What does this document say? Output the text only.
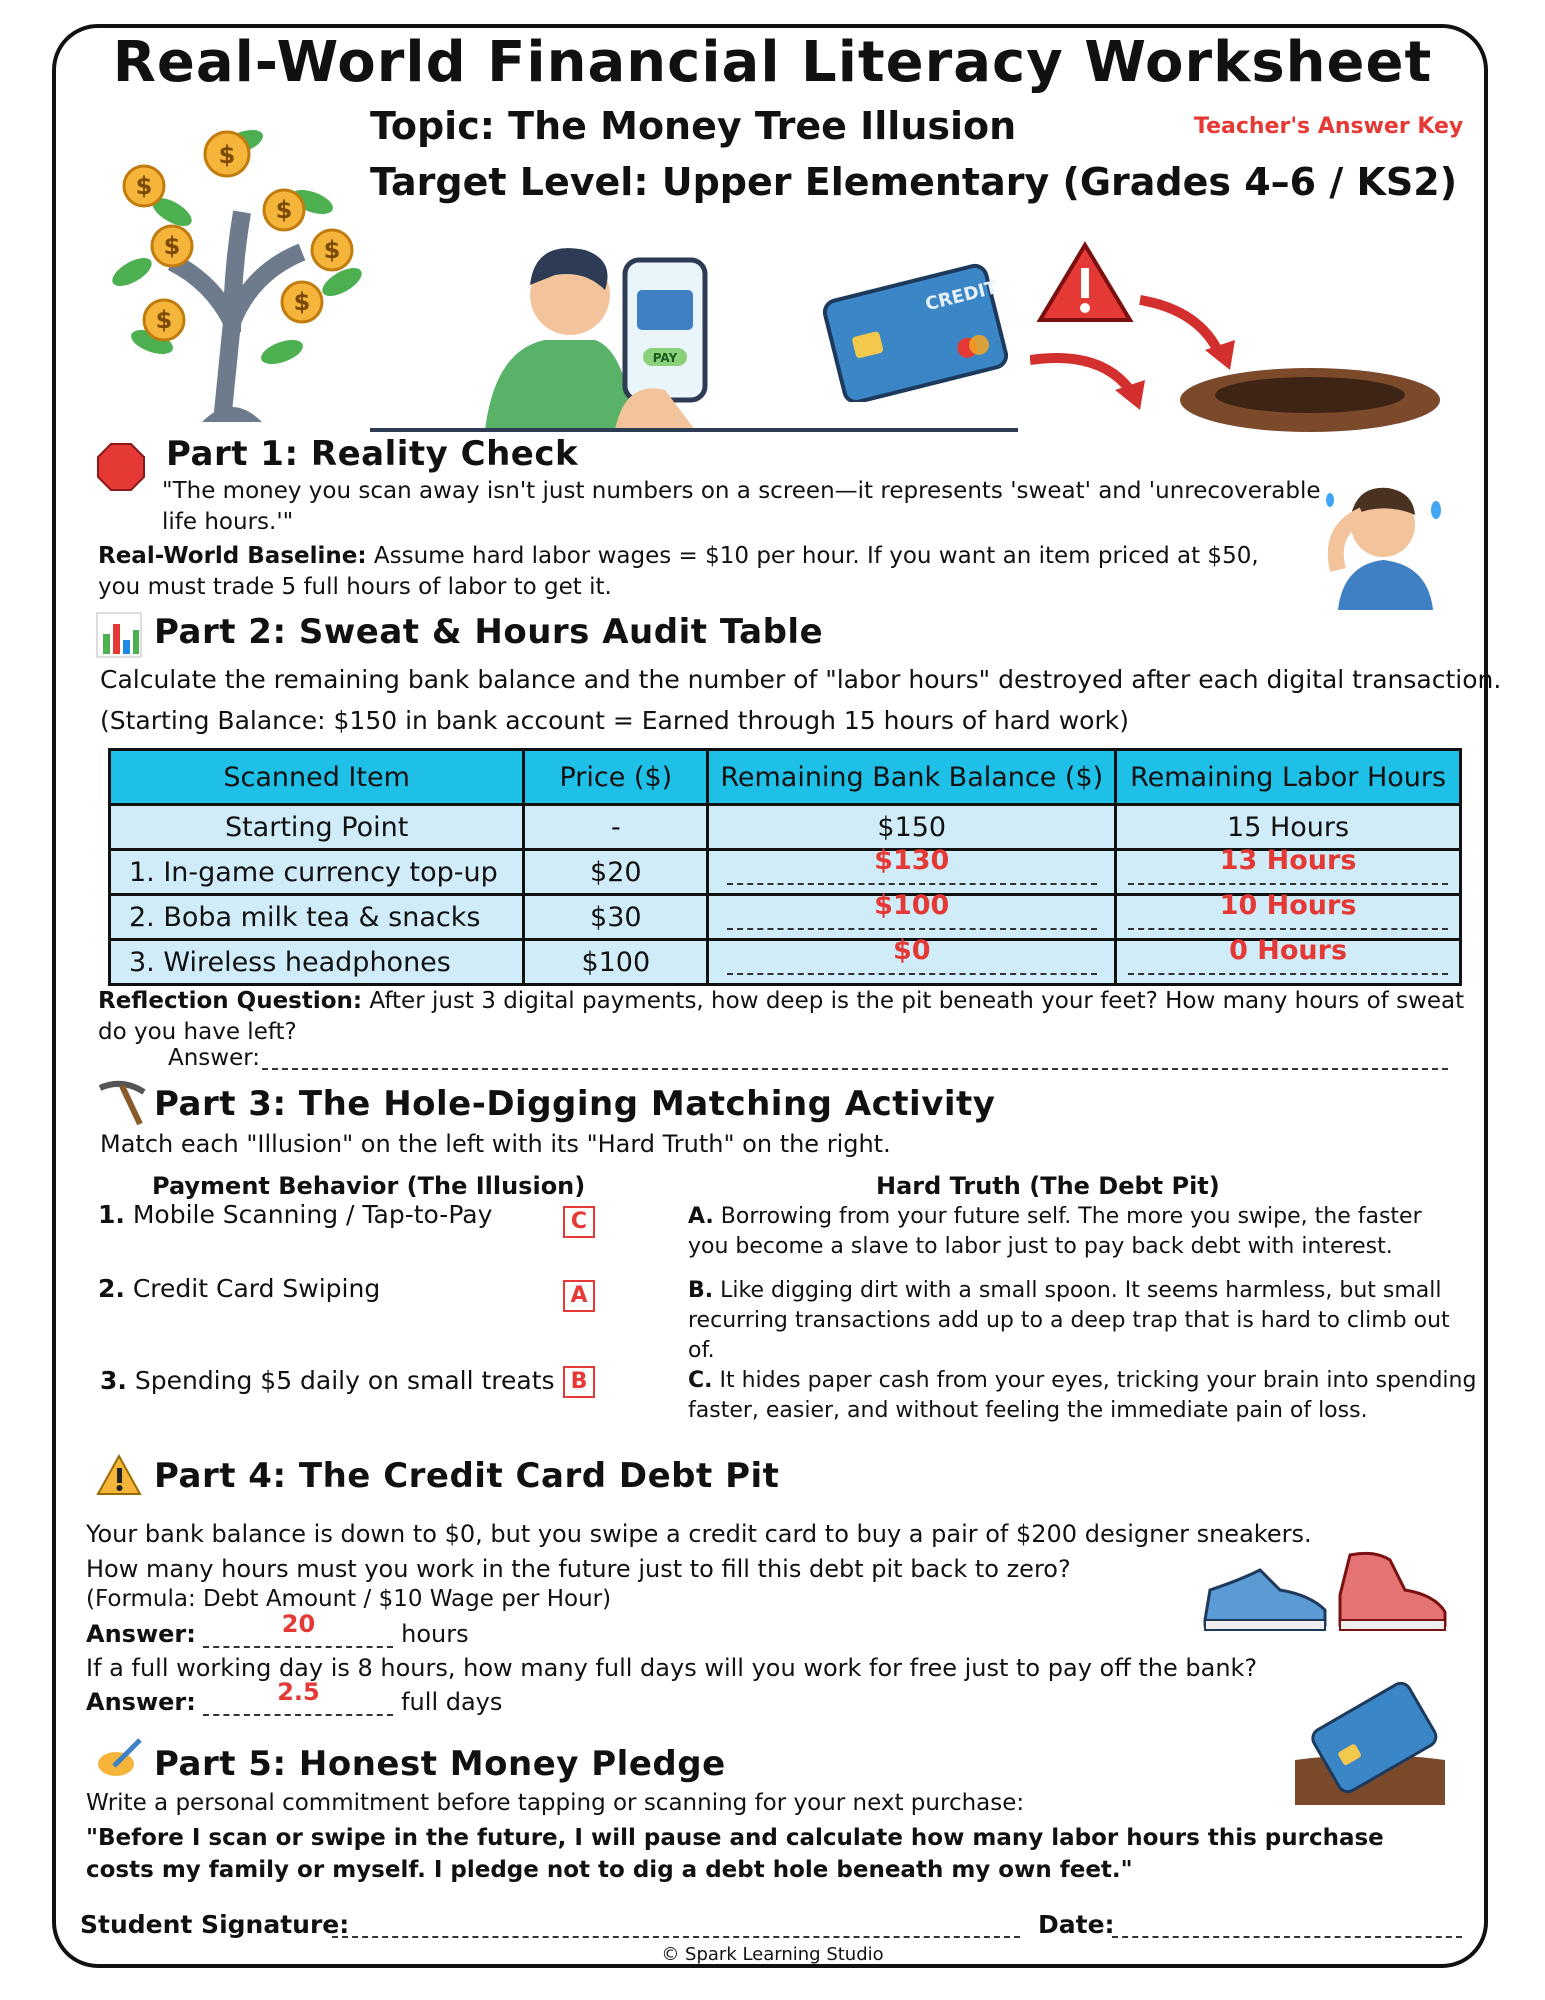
Real-World Financial Literacy Worksheet
Topic: The Money Tree Illusion
Target Level: Upper Elementary (Grades 4–6 / KS2)
Teacher's Answer Key
$
$
$
$	$
$
$
PAY
CREDIT
Part 1: Reality Check
"The money you scan away isn't just numbers on a screen—it represents 'sweat' and 'unrecoverable life hours.'"
Real-World Baseline: Assume hard labor wages = $10 per hour. If you want an item priced at $50, you must trade 5 full hours of labor to get it.
Part 2: Sweat & Hours Audit Table
Calculate the remaining bank balance and the number of "labor hours" destroyed after each digital transaction.
(Starting Balance: $150 in bank account = Earned through 15 hours of hard work)
Scanned Item	Price ($)	Remaining Bank Balance ($)	Remaining Labor Hours
Starting Point	-	$150	15 Hours
1. In-game currency top-up	$20	$130	13 Hours

2. Boba milk tea & snacks	$30	$100	10 Hours

3. Wireless headphones	$100	$0	0 Hours
Reflection Question: After just 3 digital payments, how deep is the pit beneath your feet? How many hours of sweat do you have left?
Answer:
Part 3: The Hole-Digging Matching Activity
Match each "Illusion" on the left with its "Hard Truth" on the right.
Payment Behavior (The Illusion)	Hard Truth (The Debt Pit)
1. Mobile Scanning / Tap-to-Pay	C
2. Credit Card Swiping	A
3. Spending $5 daily on small treats B
A. Borrowing from your future self. The more you swipe, the faster you become a slave to labor just to pay back debt with interest.
B. Like digging dirt with a small spoon. It seems harmless, but small recurring transactions add up to a deep trap that is hard to climb out of.
C. It hides paper cash from your eyes, tricking your brain into spending faster, easier, and without feeling the immediate pain of loss.
Part 4: The Credit Card Debt Pit
Your bank balance is down to $0, but you swipe a credit card to buy a pair of $200 designer sneakers.
How many hours must you work in the future just to fill this debt pit back to zero?
(Formula: Debt Amount / $10 Wage per Hour)
Answer:	20	hours
If a full working day is 8 hours, how many full days will you work for free just to pay off the bank?
Answer:	2.5	full days
Part 5: Honest Money Pledge
Write a personal commitment before tapping or scanning for your next purchase:
"Before I scan or swipe in the future, I will pause and calculate how many labor hours this purchase costs my family or myself. I pledge not to dig a debt hole beneath my own feet."
Student Signature:	Date:
© Spark Learning Studio
